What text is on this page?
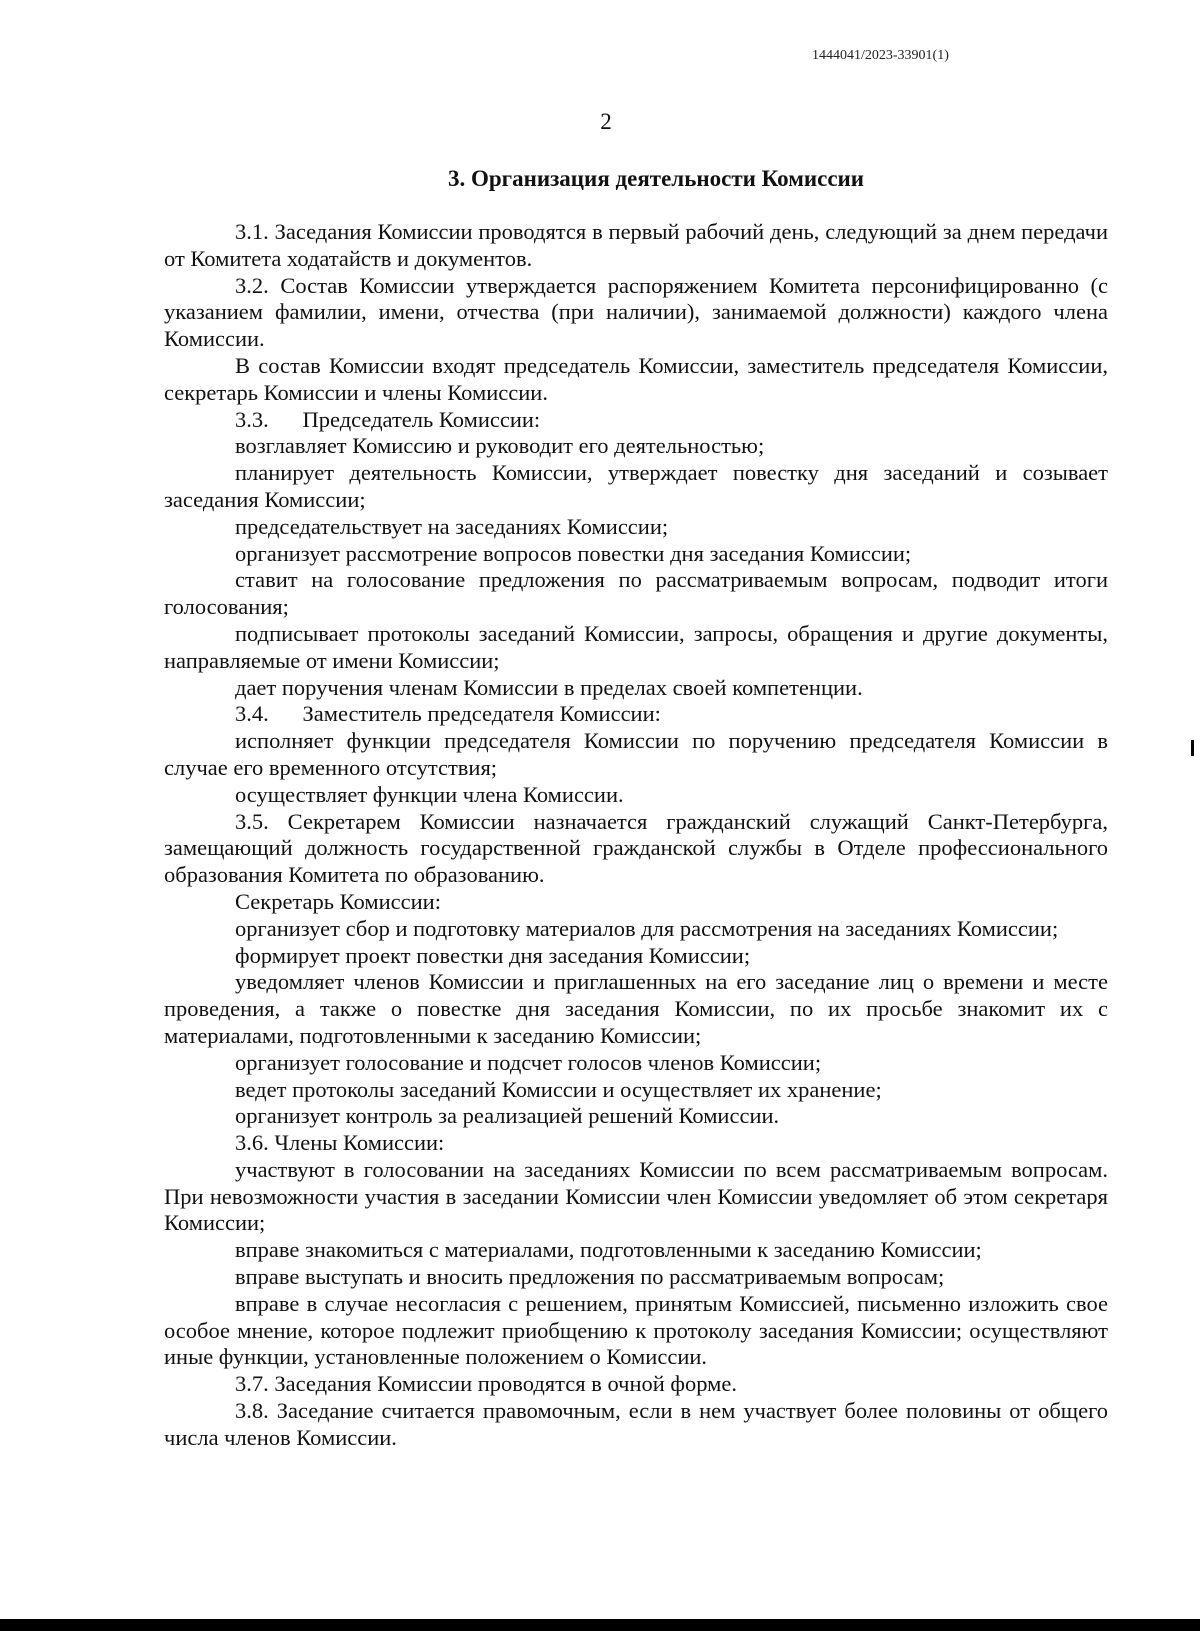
1444041/2023-33901(1)
2
3. Организация деятельности Комиссии

3.1. Заседания Комиссии проводятся в первый рабочий день, следующий за днем передачи от Комитета ходатайств и документов.

3.2. Состав Комиссии утверждается распоряжением Комитета персонифицированно (с указанием фамилии, имени, отчества (при наличии), занимаемой должности) каждого члена Комиссии.

В состав Комиссии входят председатель Комиссии, заместитель председателя Комиссии, секретарь Комиссии и члены Комиссии.

3.3.      Председатель Комиссии:

возглавляет Комиссию и руководит его деятельностью;

планирует деятельность Комиссии, утверждает повестку дня заседаний и созывает заседания Комиссии;

председательствует на заседаниях Комиссии;

организует рассмотрение вопросов повестки дня заседания Комиссии;

ставит на голосование предложения по рассматриваемым вопросам, подводит итоги голосования;

подписывает протоколы заседаний Комиссии, запросы, обращения и другие документы, направляемые от имени Комиссии;

дает поручения членам Комиссии в пределах своей компетенции.

3.4.      Заместитель председателя Комиссии:

исполняет функции председателя Комиссии по поручению председателя Комиссии в случае его временного отсутствия;

осуществляет функции члена Комиссии.

3.5. Секретарем Комиссии назначается гражданский служащий Санкт-Петербурга, замещающий должность государственной гражданской службы в Отделе профессионального образования Комитета по образованию.

Секретарь Комиссии:

организует сбор и подготовку материалов для рассмотрения на заседаниях Комиссии;

формирует проект повестки дня заседания Комиссии;

уведомляет членов Комиссии и приглашенных на его заседание лиц о времени и месте проведения, а также о повестке дня заседания Комиссии, по их просьбе знакомит их с материалами, подготовленными к заседанию Комиссии;

организует голосование и подсчет голосов членов Комиссии;

ведет протоколы заседаний Комиссии и осуществляет их хранение;

организует контроль за реализацией решений Комиссии.

3.6. Члены Комиссии:

участвуют в голосовании на заседаниях Комиссии по всем рассматриваемым вопросам. При невозможности участия в заседании Комиссии член Комиссии уведомляет об этом секретаря Комиссии;

вправе знакомиться с материалами, подготовленными к заседанию Комиссии;

вправе выступать и вносить предложения по рассматриваемым вопросам;

вправе в случае несогласия с решением, принятым Комиссией, письменно изложить свое особое мнение, которое подлежит приобщению к протоколу заседания Комиссии; осуществляют иные функции, установленные положением о Комиссии.

3.7. Заседания Комиссии проводятся в очной форме.

3.8. Заседание считается правомочным, если в нем участвует более половины от общего числа членов Комиссии.
